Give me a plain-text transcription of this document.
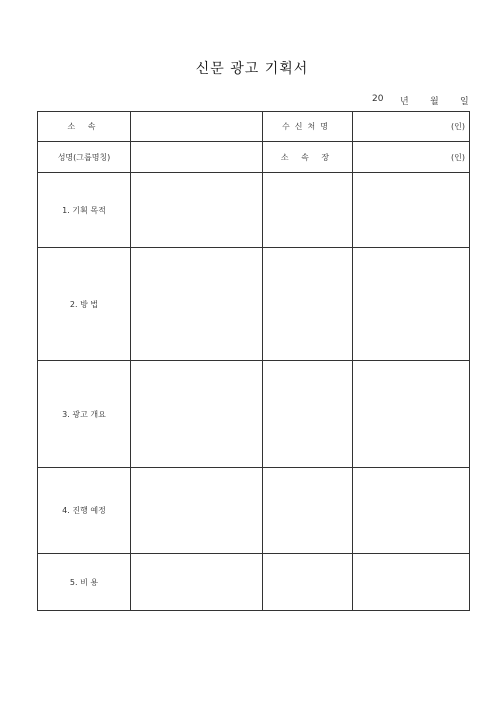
신문 광고 기획서
20 년 월 일
소 속		수신처명	(인)
성명(그룹명칭)		소 속 장	(인)
1. 기획 목적			
2. 방 법			
3. 광고 개요			
4. 진행 예정			
5. 비 용			
